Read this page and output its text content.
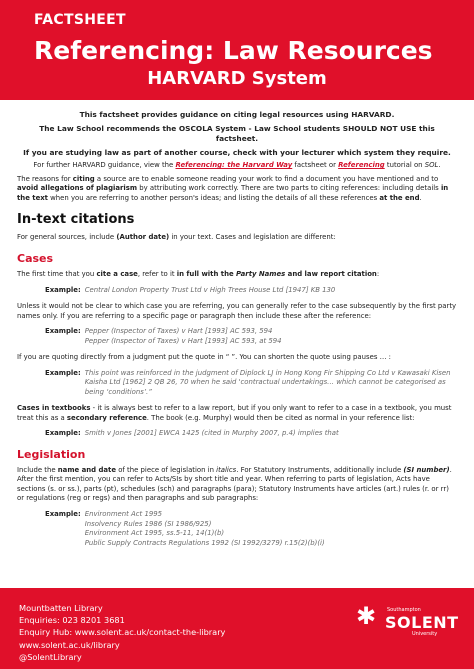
FACTSHEET
Referencing: Law Resources
HARVARD System

This factsheet provides guidance on citing legal resources using HARVARD.

The Law School recommends the OSCOLA System - Law School students SHOULD NOT USE this factsheet.

If you are studying law as part of another course, check with your lecturer which system they require.

For further HARVARD guidance, view the Referencing: the Harvard Way factsheet or Referencing tutorial on SOL.

The reasons for citing a source are to enable someone reading your work to find a document you have mentioned and to avoid allegations of plagiarism by attributing work correctly. There are two parts to citing references: including details in the text when you are referring to another person's ideas; and listing the details of all these references at the end.

In-text citations

For general sources, include (Author date) in your text. Cases and legislation are different:

Cases

The first time that you cite a case, refer to it in full with the Party Names and law report citation:

Example: Central London Property Trust Ltd v High Trees House Ltd [1947] KB 130

Unless it would not be clear to which case you are referring, you can generally refer to the case subsequently by the first party names only. If you are referring to a specific page or paragraph then include these after the reference:

Example: Pepper (Inspector of Taxes) v Hart [1993] AC 593, 594
Pepper (Inspector of Taxes) v Hart [1993] AC 593, at 594

If you are quoting directly from a judgment put the quote in “ ”. You can shorten the quote using pauses … :

Example: This point was reinforced in the judgment of Diplock LJ in Hong Kong Fir Shipping Co Ltd v Kawasaki Kisen Kaisha Ltd [1962] 2 QB 26, 70 when he said 'contractual undertakings… which cannot be categorised as being ‘conditions’.”

Cases in textbooks - it is always best to refer to a law report, but if you only want to refer to a case in a textbook, you must treat this as a secondary reference. The book (e.g. Murphy) would then be cited as normal in your reference list:

Example: Smith v Jones [2001] EWCA 1425 (cited in Murphy 2007, p.4) implies that
Legislation

Include the name and date of the piece of legislation in italics. For Statutory Instruments, additionally include (SI number). After the first mention, you can refer to Acts/SIs by short title and year. When referring to parts of legislation, Acts have sections (s. or ss.), parts (pt), schedules (sch) and paragraphs (para); Statutory Instruments have articles (art.) rules (r. or rr) or regulations (reg or regs) and then paragraphs and sub paragraphs:

Example: Environment Act 1995
Insolvency Rules 1986 (SI 1986/925)
Environment Act 1995, ss.5-11, 14(1)(b)
Public Supply Contracts Regulations 1992 (SI 1992/3279) r.15(2)(b)(i)
Mountbatten Library
Enquiries: 023 8201 3681
Enquiry Hub: www.solent.ac.uk/contact-the-library
www.solent.ac.uk/library
@SolentLibrary
✱ Southampton
SOLENT
University
